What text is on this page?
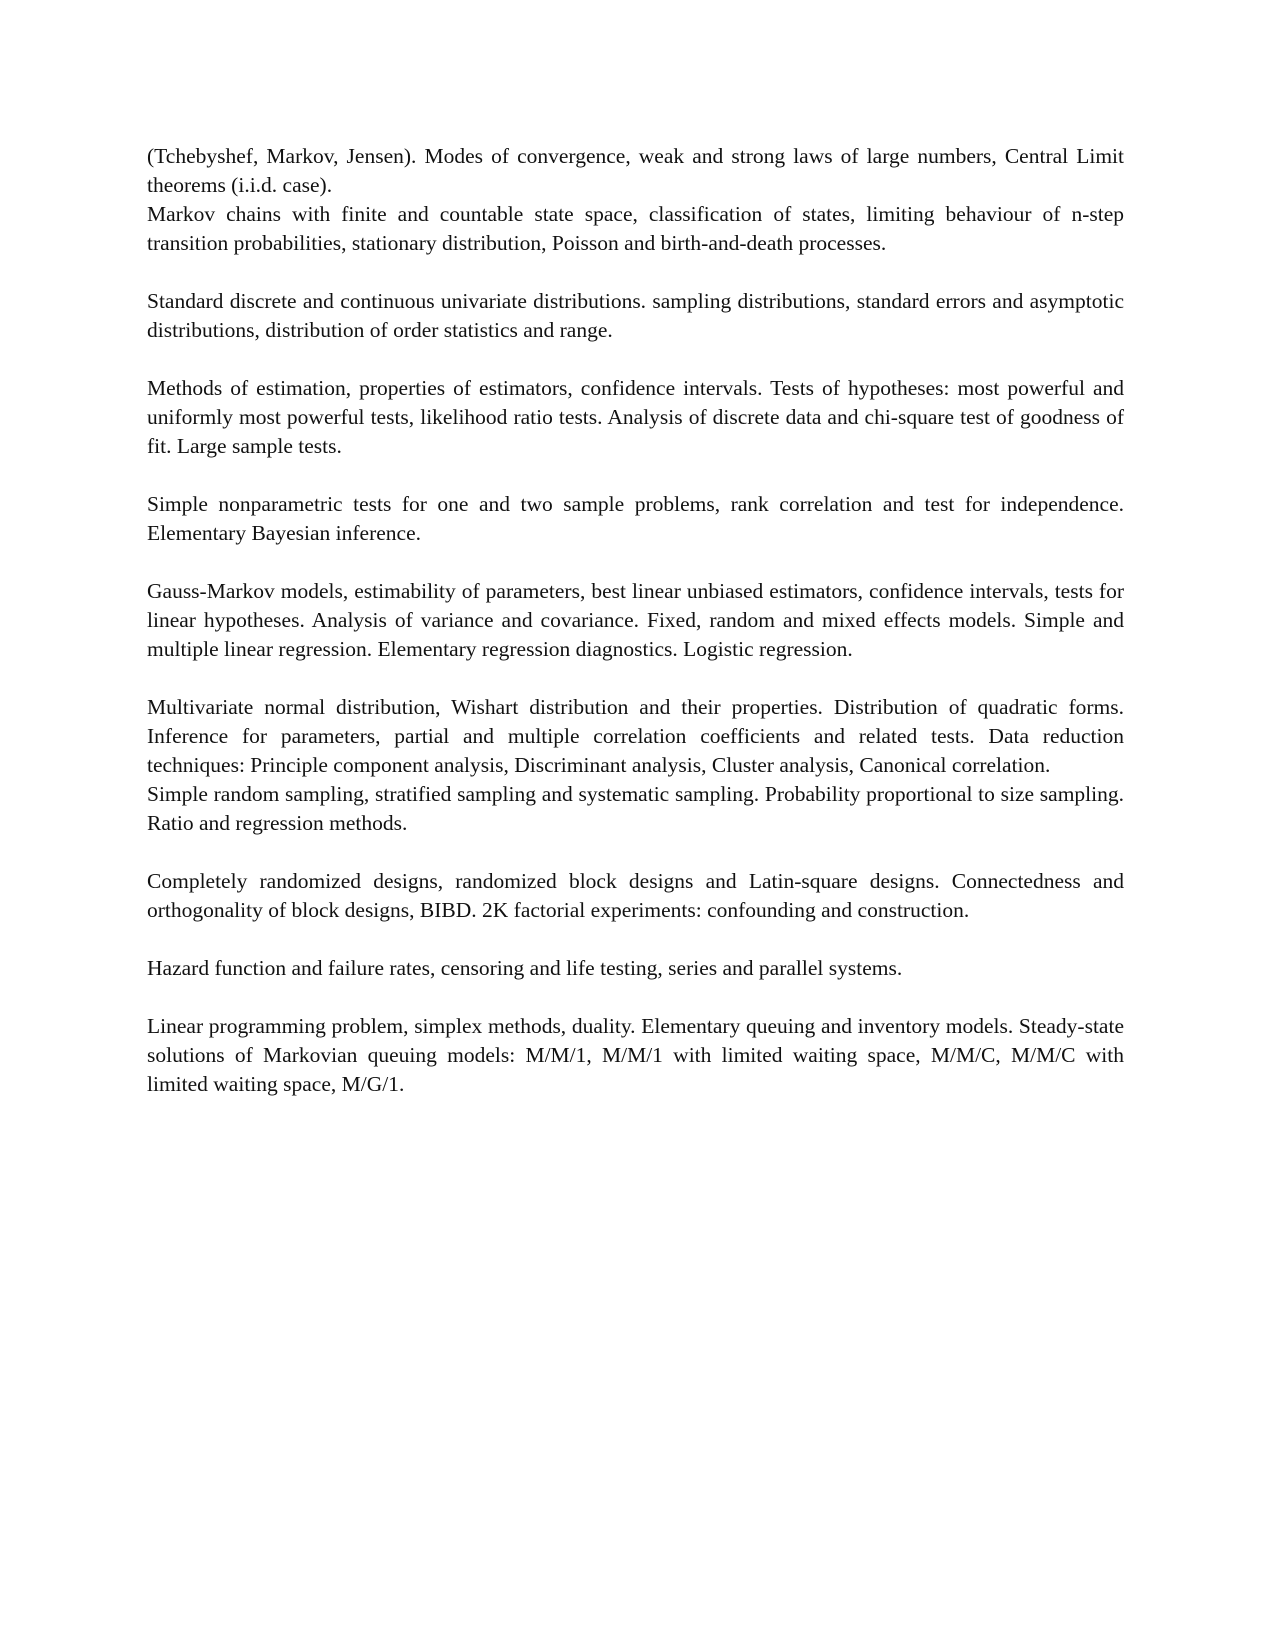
(Tchebyshef, Markov, Jensen). Modes of convergence, weak and strong laws of large numbers, Central Limit theorems (i.i.d. case).

Markov chains with finite and countable state space, classification of states, limiting behaviour of n-step transition probabilities, stationary distribution, Poisson and birth-and-death processes.

Standard discrete and continuous univariate distributions. sampling distributions, standard errors and asymptotic distributions, distribution of order statistics and range.

Methods of estimation, properties of estimators, confidence intervals. Tests of hypotheses: most powerful and uniformly most powerful tests, likelihood ratio tests. Analysis of discrete data and chi-square test of goodness of fit. Large sample tests.

Simple nonparametric tests for one and two sample problems, rank correlation and test for independence. Elementary Bayesian inference.

Gauss-Markov models, estimability of parameters, best linear unbiased estimators, confidence intervals, tests for linear hypotheses. Analysis of variance and covariance. Fixed, random and mixed effects models. Simple and multiple linear regression. Elementary regression diagnostics. Logistic regression.

Multivariate normal distribution, Wishart distribution and their properties. Distribution of quadratic forms. Inference for parameters, partial and multiple correlation coefficients and related tests. Data reduction techniques: Principle component analysis, Discriminant analysis, Cluster analysis, Canonical correlation.

Simple random sampling, stratified sampling and systematic sampling. Probability proportional to size sampling. Ratio and regression methods.

Completely randomized designs, randomized block designs and Latin-square designs. Connectedness and orthogonality of block designs, BIBD. 2K factorial experiments: confounding and construction.

Hazard function and failure rates, censoring and life testing, series and parallel systems.

Linear programming problem, simplex methods, duality. Elementary queuing and inventory models. Steady-state solutions of Markovian queuing models: M/M/1, M/M/1 with limited waiting space, M/M/C, M/M/C with limited waiting space, M/G/1.
